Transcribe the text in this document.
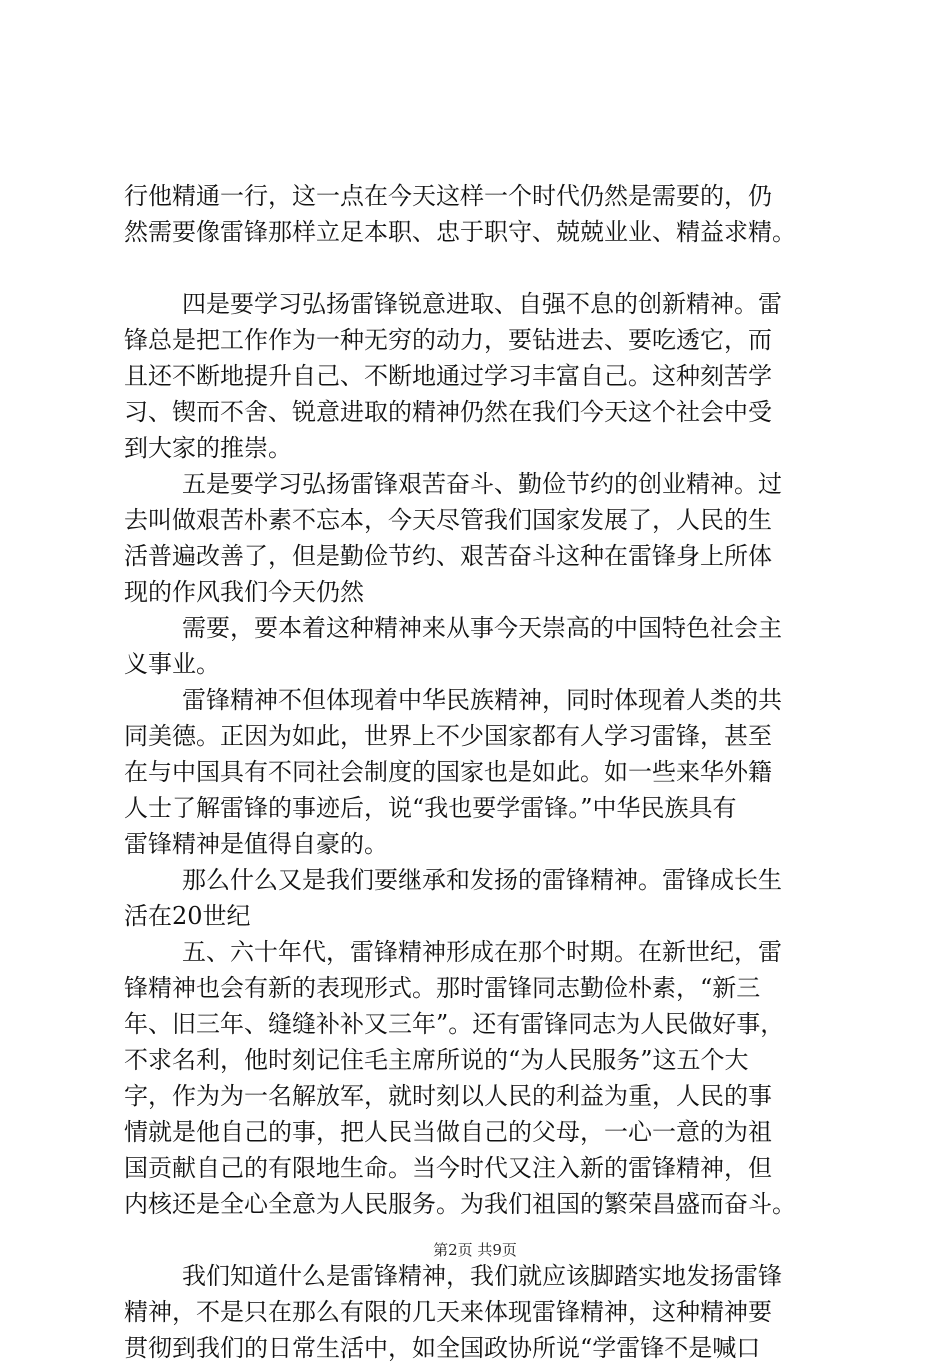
行他精通一行，这一点在今天这样一个时代仍然是需要的，仍
然需要像雷锋那样立足本职、忠于职守、兢兢业业、精益求精。
四是要学习弘扬雷锋锐意进取、自强不息的创新精神。雷
锋总是把工作作为一种无穷的动力，要钻进去、要吃透它，而
且还不断地提升自己、不断地通过学习丰富自己。这种刻苦学
习、锲而不舍、锐意进取的精神仍然在我们今天这个社会中受
到大家的推崇。
五是要学习弘扬雷锋艰苦奋斗、勤俭节约的创业精神。过
去叫做艰苦朴素不忘本，今天尽管我们国家发展了，人民的生
活普遍改善了，但是勤俭节约、艰苦奋斗这种在雷锋身上所体
现的作风我们今天仍然
需要，要本着这种精神来从事今天崇高的中国特色社会主
义事业。
雷锋精神不但体现着中华民族精神，同时体现着人类的共
同美德。正因为如此，世界上不少国家都有人学习雷锋，甚至
在与中国具有不同社会制度的国家也是如此。如一些来华外籍
人士了解雷锋的事迹后，说“我也要学雷锋。”中华民族具有
雷锋精神是值得自豪的。
那么什么又是我们要继承和发扬的雷锋精神。雷锋成长生
活在20世纪
五、六十年代，雷锋精神形成在那个时期。在新世纪，雷
锋精神也会有新的表现形式。那时雷锋同志勤俭朴素，“新三
年、旧三年、缝缝补补又三年”。还有雷锋同志为人民做好事，
不求名利，他时刻记住毛主席所说的“为人民服务”这五个大
字，作为为一名解放军，就时刻以人民的利益为重，人民的事
情就是他自己的事，把人民当做自己的父母，一心一意的为祖
国贡献自己的有限地生命。当今时代又注入新的雷锋精神，但
内核还是全心全意为人民服务。为我们祖国的繁荣昌盛而奋斗。
我们知道什么是雷锋精神，我们就应该脚踏实地发扬雷锋
精神，不是只在那么有限的几天来体现雷锋精神，这种精神要
贯彻到我们的日常生活中，如全国政协所说“学雷锋不是喊口
第2页 共9页
